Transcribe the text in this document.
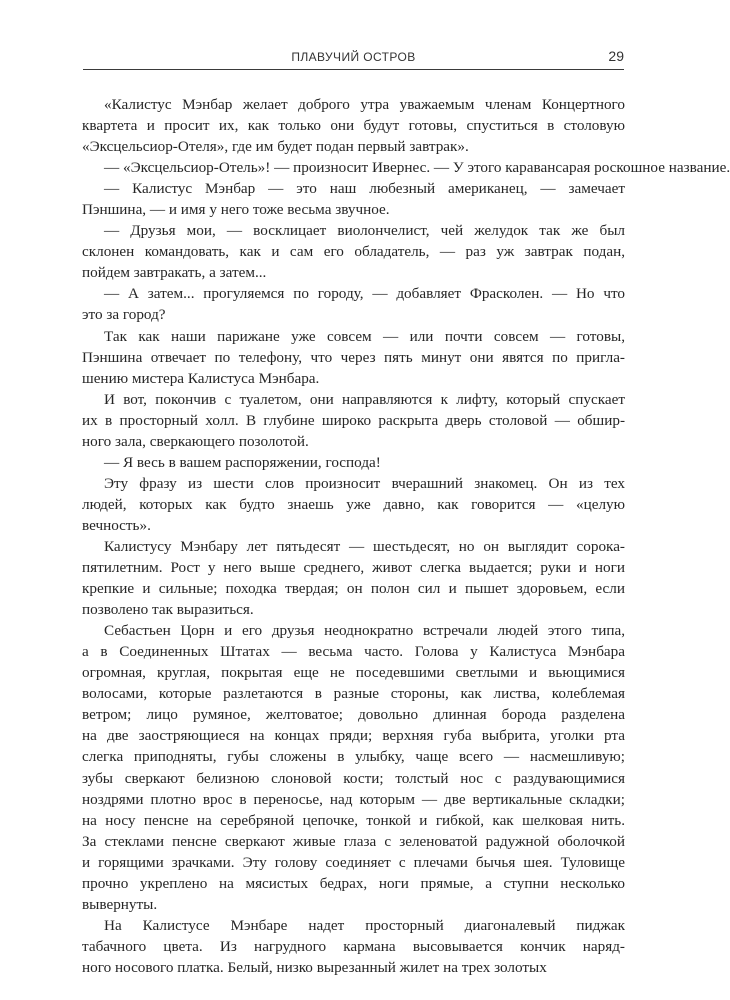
ПЛАВУЧИЙ ОСТРОВ	29
«Калистус Мэнбар желает доброго утра уважаемым членам Концертного
квартета и просит их, как только они будут готовы, спуститься в столовую
«Эксцельсиор-Отеля», где им будет подан первый завтрак».
— «Эксцельсиор-Отель»! — произносит Ивернес. — У этого каравансарая роскошное название.
— Калистус Мэнбар — это наш любезный американец, — замечает
Пэншина, — и имя у него тоже весьма звучное.
— Друзья мои, — восклицает виолончелист, чей желудок так же был
склонен командовать, как и сам его обладатель, — раз уж завтрак подан,
пойдем завтракать, а затем...
— А затем... прогуляемся по городу, — добавляет Фрасколен. — Но что
это за город?
Так как наши парижане уже совсем — или почти совсем — готовы,
Пэншина отвечает по телефону, что через пять минут они явятся по пригла-
шению мистера Калистуса Мэнбара.
И вот, покончив с туалетом, они направляются к лифту, который спускает
их в просторный холл. В глубине широко раскрыта дверь столовой — обшир-
ного зала, сверкающего позолотой.
— Я весь в вашем распоряжении, господа!
Эту фразу из шести слов произносит вчерашний знакомец. Он из тех
людей, которых как будто знаешь уже давно, как говорится — «целую
вечность».
Калистусу Мэнбару лет пятьдесят — шестьдесят, но он выглядит сорока-
пятилетним. Рост у него выше среднего, живот слегка выдается; руки и ноги
крепкие и сильные; походка твердая; он полон сил и пышет здоровьем, если
позволено так выразиться.
Себастьен Цорн и его друзья неоднократно встречали людей этого типа,
а в Соединенных Штатах — весьма часто. Голова у Калистуса Мэнбара
огромная, круглая, покрытая еще не поседевшими светлыми и вьющимися
волосами, которые разлетаются в разные стороны, как листва, колеблемая
ветром; лицо румяное, желтоватое; довольно длинная борода разделена
на две заостряющиеся на концах пряди; верхняя губа выбрита, уголки рта
слегка приподняты, губы сложены в улыбку, чаще всего — насмешливую;
зубы сверкают белизною слоновой кости; толстый нос с раздувающимися
ноздрями плотно врос в переносье, над которым — две вертикальные складки;
на носу пенсне на серебряной цепочке, тонкой и гибкой, как шелковая нить.
За стеклами пенсне сверкают живые глаза с зеленоватой радужной оболочкой
и горящими зрачками. Эту голову соединяет с плечами бычья шея. Туловище
прочно укреплено на мясистых бедрах, ноги прямые, а ступни несколько
вывернуты.
На Калистусе Мэнбаре надет просторный диагоналевый пиджак
табачного цвета. Из нагрудного кармана высовывается кончик наряд-
ного носового платка. Белый, низко вырезанный жилет на трех золотых
